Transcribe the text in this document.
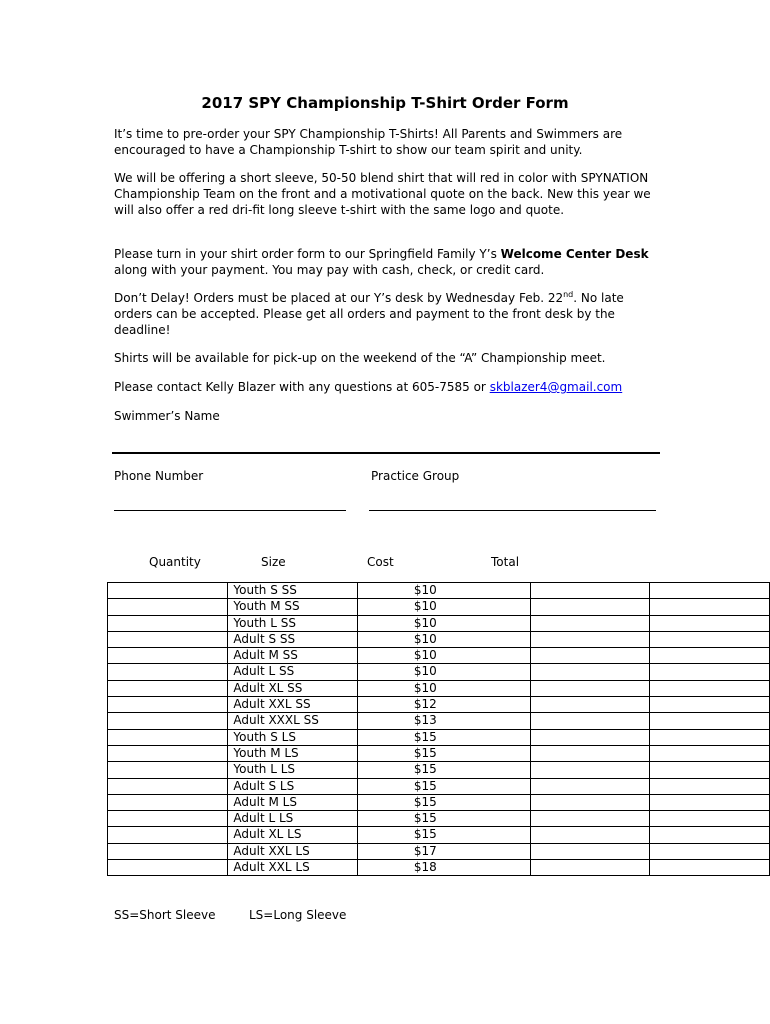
2017 SPY Championship T-Shirt Order Form

It’s time to pre-order your SPY Championship T-Shirts! All Parents and Swimmers are encouraged to have a Championship T-shirt to show our team spirit and unity.

We will be offering a short sleeve, 50-50 blend shirt that will red in color with SPYNATION Championship Team on the front and a motivational quote on the back. New this year we will also offer a red dri-fit long sleeve t-shirt with the same logo and quote.

Please turn in your shirt order form to our Springfield Family Y’s Welcome Center Desk along with your payment. You may pay with cash, check, or credit card.

Don’t Delay! Orders must be placed at our Y’s desk by Wednesday Feb. 22nd. No late orders can be accepted. Please get all orders and payment to the front desk by the deadline!

Shirts will be available for pick-up on the weekend of the “A” Championship meet.

Please contact Kelly Blazer with any questions at 605-7585 or skblazer4@gmail.com

Swimmer’s Name
Phone Number	Practice Group
Quantity	Size	Cost	Total
	Youth S SS	$10		
	Youth M SS	$10		
	Youth L SS	$10		
	Adult S SS	$10		
	Adult M SS	$10		
	Adult L SS	$10		
	Adult XL SS	$10		
	Adult XXL SS	$12		
	Adult XXXL SS	$13		
	Youth S LS	$15		
	Youth M LS	$15		
	Youth L LS	$15		
	Adult S LS	$15		
	Adult M LS	$15		
	Adult L LS	$15		
	Adult XL LS	$15		
	Adult XXL LS	$17		
	Adult XXL LS	$18		
SS=Short Sleeve	LS=Long Sleeve
